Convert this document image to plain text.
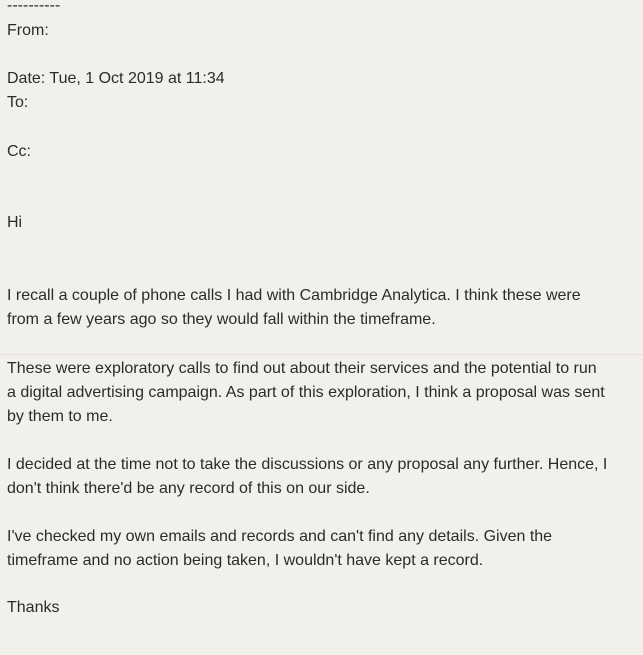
----------
From:
Date: Tue, 1 Oct 2019 at 11:34
To:
Cc:
Hi
I recall a couple of phone calls I had with Cambridge Analytica. I think these were
from a few years ago so they would fall within the timeframe.
These were exploratory calls to find out about their services and the potential to run
a digital advertising campaign. As part of this exploration, I think a proposal was sent
by them to me.
I decided at the time not to take the discussions or any proposal any further. Hence, I
don't think there'd be any record of this on our side.
I've checked my own emails and records and can't find any details. Given the
timeframe and no action being taken, I wouldn't have kept a record.
Thanks
